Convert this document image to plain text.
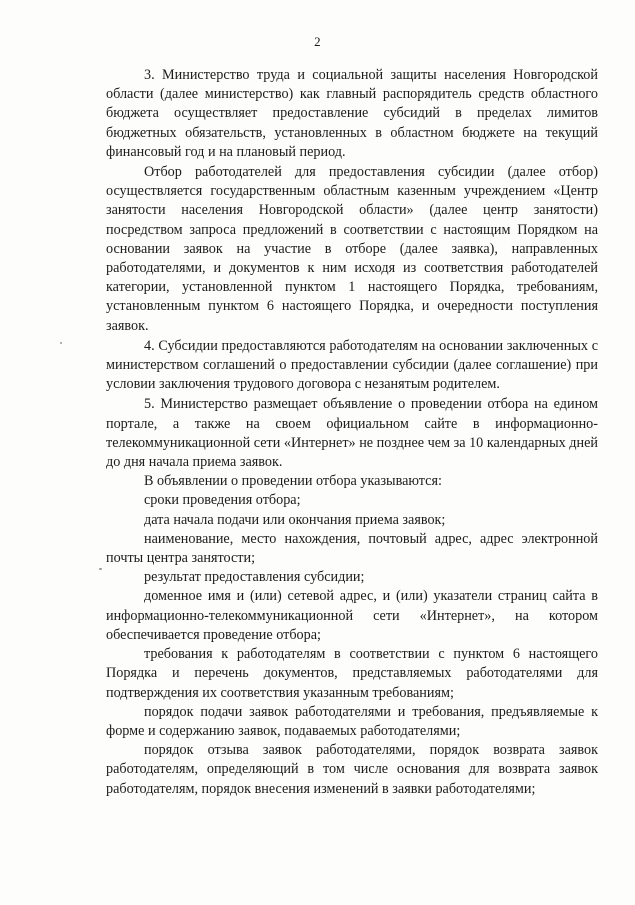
2

3. Министерство труда и социальной защиты населения Новгородской области (далее министерство) как главный распорядитель средств областного бюджета осуществляет предоставление субсидий в пределах лимитов бюджетных обязательств, установленных в областном бюджете на текущий финансовый год и на плановый период.

Отбор работодателей для предоставления субсидии (далее отбор) осуществляется государственным областным казенным учреждением «Центр занятости населения Новгородской области» (далее центр занятости) посредством запроса предложений в соответствии с настоящим Порядком на основании заявок на участие в отборе (далее заявка), направленных работодателями, и документов к ним исходя из соответствия работодателей категории, установленной пунктом 1 настоящего Порядка, требованиям, установленным пунктом 6 настоящего Порядка, и очередности поступления заявок.

4. Субсидии предоставляются работодателям на основании заключенных с министерством соглашений о предоставлении субсидии (далее соглашение) при условии заключения трудового договора с незанятым родителем.

5. Министерство размещает объявление о проведении отбора на едином портале, а также на своем официальном сайте в информационно-телекоммуникационной сети «Интернет» не позднее чем за 10 календарных дней до дня начала приема заявок.

В объявлении о проведении отбора указываются:

сроки проведения отбора;

дата начала подачи или окончания приема заявок;

наименование, место нахождения, почтовый адрес, адрес электронной почты центра занятости;

результат предоставления субсидии;

доменное имя и (или) сетевой адрес, и (или) указатели страниц сайта в информационно-телекоммуникационной сети «Интернет», на котором обеспечивается проведение отбора;

требования к работодателям в соответствии с пунктом 6 настоящего Порядка и перечень документов, представляемых работодателями для подтверждения их соответствия указанным требованиям;

порядок подачи заявок работодателями и требования, предъявляемые к форме и содержанию заявок, подаваемых работодателями;

порядок отзыва заявок работодателями, порядок возврата заявок работодателям, определяющий в том числе основания для возврата заявок работодателям, порядок внесения изменений в заявки работодателями;
